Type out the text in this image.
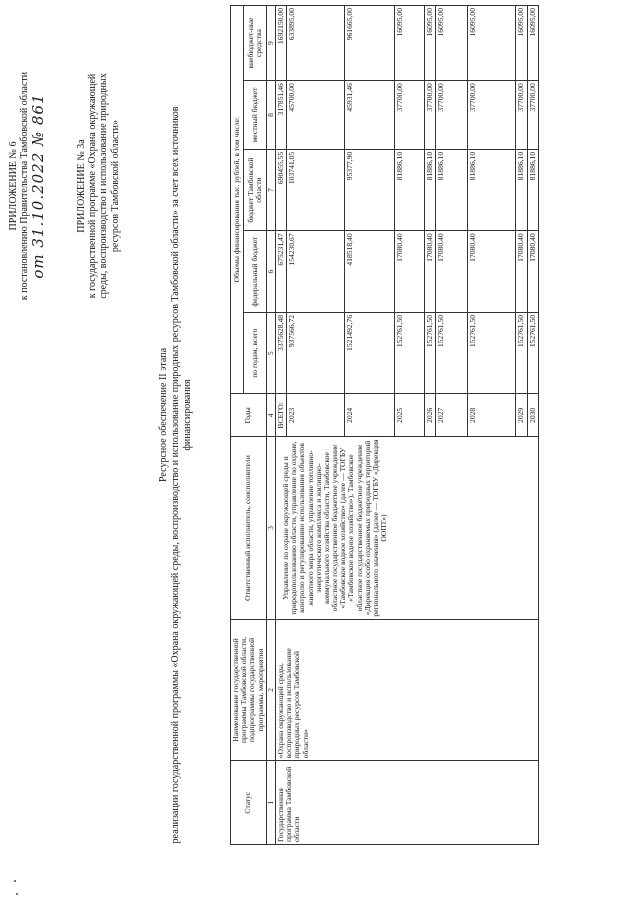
ПРИЛОЖЕНИЕ № 6 к постановлению Правительства Тамбовской области от 31.10.2022 № 861	ПРИЛОЖЕНИЕ № 3а к государственной программе «Охрана окружающей среды, воспроизводство и использование природных ресурсов Тамбовской области»
Ресурсное обеспечение II этапа реализации государственной программы «Охрана окружающей среды, воспроизводство и использование природных ресурсов Тамбовской области» за счет всех источников финансирования
Статус	Наименование государственной программы Тамбовской области, подпрограммы государственной программы, мероприятия	Ответственный исполнитель, соисполнители	Годы	Объемы финансирования тыс. рублей, в том числе:				
				по годам, всего	федеральный бюджет	бюджет Тамбовской области	местный бюджет	внебюджет-ные средства
1	2	3	4	5	6	7	8	9
Государственная программа Тамбовской области	«Охрана окружающей среды, воспроизводство и использование природных ресурсов Тамбовской области»	Управление по охране окружающей среды и природопользованию области, управление по охране, контролю и регулированию использования объектов животного мира области, управление топливно-энергетического комплекса и жилищно-коммунального хозяйства области, Тамбовское областное государственное бюджетное учреждение «Тамбовское водное хозяйство» (далее — ТОГБУ «Тамбовское водное хозяйство»), Тамбовское областное государственное бюджетное учреждение «Дирекция особо охраняемых природных территорий регионального значения» (далее — ТОГБУ «Дирекция ООПТ»)	ВСЕГО:	3375628,48	675231,47	690455,55	317851,46	1692150,00
			2023	937566,72	154230,67	103741,05	45700,00	633895,00
			2024	1521492,76	418518,40	95377,90	45931,46	961665,00
			2025	152761,50	17080,40	81886,10	37700,00	16095,00
			2026	152761,50	17080,40	81886,10	37700,00	16095,00
			2027	152761,50	17080,40	81886,10	37700,00	16095,00
			2028	152761,50	17080,40	81886,10	37700,00	16095,00
			2029	152761,50	17080,40	81886,10	37700,00	16095,00
			2030	152761,50	17080,40	81886,10	37700,00	16095,00
